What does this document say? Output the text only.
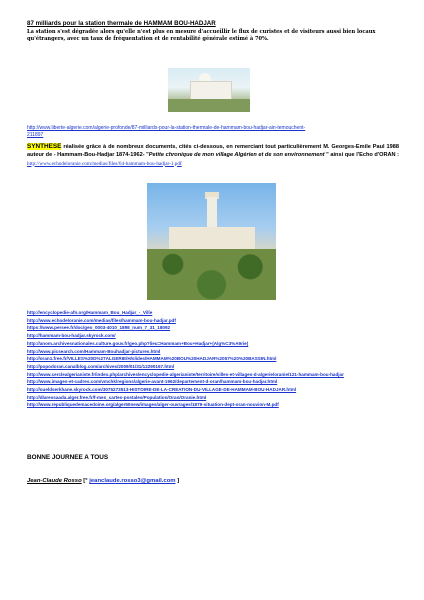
87 milliards pour la station thermale de HAMMAM BOU-HADJAR
La station s'est dégradée alors qu'elle n'est plus en mesure d'accueillir le flux de curistes et de visiteurs aussi bien locaux qu'étrangers, avec un taux de fréquentation et de rentabilité générale estimé à 70%.
http://www.liberte-algerie.com/algerie-profonde/87-milliards-pour-la-station-thermale-de-hammam-bou-hadjar-ain-temouchent-
211897
SYNTHESE réalisée grâce à de nombreux documents, cités ci-dessous, en remerciant tout particulièrement M. Georges-Emile Paul 1988 auteur de - Hammam-Bou-Hadjar 1874-1962- "Petite chronique de mon village Algérien et de son environnement " ainsi que l'Echo d'ORAN : http://www.echodeloranie.com/medias/files/64-hammam-bou-hadjar-1.pdf
http://encyclopedie-afn.org/Hammam_Bou_Hadjar_-_Ville
http://www.echodeloranie.com/medias/files/hammam-bou-hadjar.pdf
https://www.persee.fr/doc/geo_0003-4010_1898_num_7_31_18092
http://hammam-bou-hadjar.skyrock.com/
http://anom.archivesnationales.culture.gouv.fr/geo.php?lieu=Hammam+Bou+Hadjar+(Alg%C3%A9rie)
http://www.picsearch.com/Hammam-Bouhadjar-pictures.html
http://oran1.free.fr/VILLES%20D%27ALGERIE/H/slides/HAMMAM%20BOU%20HADJAR%2057%20%20BASSIN.html
http://popodoran.canalblog.com/archives/2009/01/31/12290167.html
http://www.cerclealgerianiste.fr/index.php/archives/encyclopedie-algerianiste/territoire/villes-et-villages-d-algerie/oranie/121-hammam-bou-hadjar
http://www.images-et-cadres.com/vmchk/regions/algerie-avant-1962/departement-d-oran/hammam-bou-hadjar.html
http://oueldserkhane.skyrock.com/3075273513-HISTOIRE-DE-LA-CREATION-DU-VILLAGE-DE-HAMMAM-BOU-HADJAR.html
http://dlaressaada.alger.free.fr/f-mes_cartes-postales/Population/Oran/Oranie.html
http://www.republiquedemacedoine.org/alger50new/images/alger-ouvrages/1879-situation-dept-oran-nouvion-M.pdf
BONNE JOURNEE A TOUS
Jean-Claude Rosso [° jeanclaude.rosso3@gmail.com ]
